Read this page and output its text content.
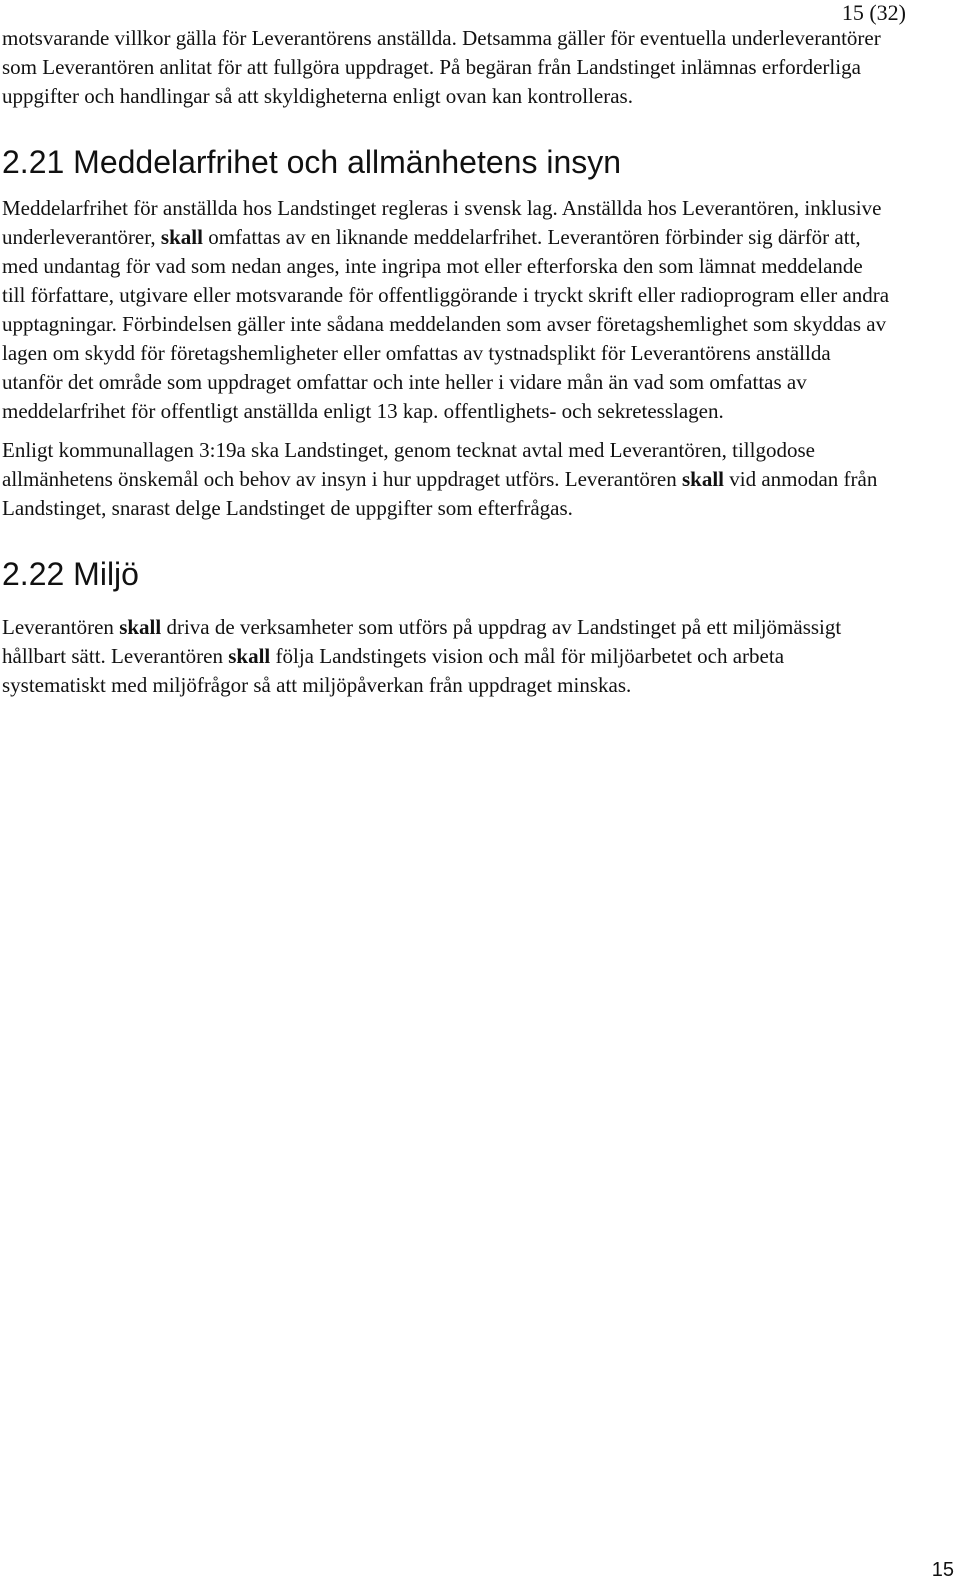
15 (32)

motsvarande villkor gälla för Leverantörens anställda. Detsamma gäller för eventuella underleverantörer som Leverantören anlitat för att fullgöra uppdraget. På begäran från Landstinget inlämnas erforderliga uppgifter och handlingar så att skyldigheterna enligt ovan kan kontrolleras.

2.21 Meddelarfrihet och allmänhetens insyn

Meddelarfrihet för anställda hos Landstinget regleras i svensk lag. Anställda hos Leverantören, inklusive underleverantörer, skall omfattas av en liknande meddelarfrihet. Leverantören förbinder sig därför att, med undantag för vad som nedan anges, inte ingripa mot eller efterforska den som lämnat meddelande till författare, utgivare eller motsvarande för offentliggörande i tryckt skrift eller radioprogram eller andra upptagningar. Förbindelsen gäller inte sådana meddelanden som avser företagshemlighet som skyddas av lagen om skydd för företagshemligheter eller omfattas av tystnadsplikt för Leverantörens anställda utanför det område som uppdraget omfattar och inte heller i vidare mån än vad som omfattas av meddelarfrihet för offentligt anställda enligt 13 kap. offentlighets- och sekretesslagen.

Enligt kommunallagen 3:19a ska Landstinget, genom tecknat avtal med Leverantören, tillgodose allmänhetens önskemål och behov av insyn i hur uppdraget utförs. Leverantören skall vid anmodan från Landstinget, snarast delge Landstinget de uppgifter som efterfrågas.

2.22 Miljö

Leverantören skall driva de verksamheter som utförs på uppdrag av Landstinget på ett miljömässigt hållbart sätt. Leverantören skall följa Landstingets vision och mål för miljöarbetet och arbeta systematiskt med miljöfrågor så att miljöpåverkan från uppdraget minskas.

15
